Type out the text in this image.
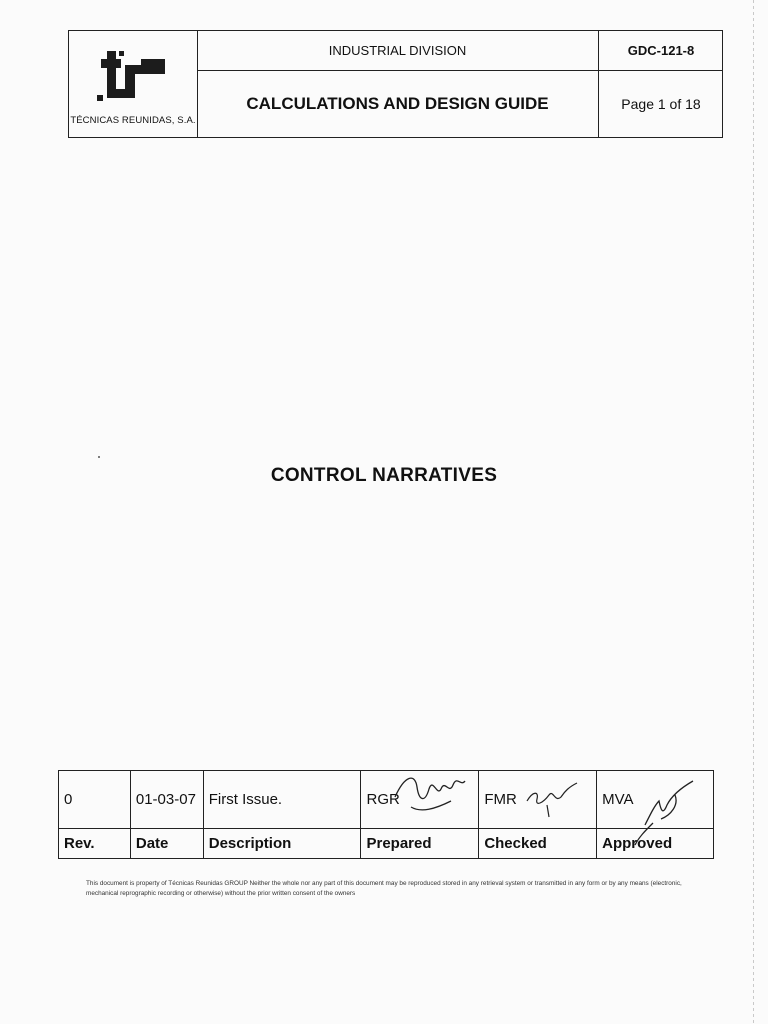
TÉCNICAS REUNIDAS, S.A.
INDUSTRIAL DIVISION	GDC-121-8
CALCULATIONS AND DESIGN GUIDE	Page 1 of 18
CONTROL NARRATIVES
0	01-03-07	First Issue.	RGR	FMR	MVA

Rev.	Date	Description	Prepared	Checked	Approved
This document is property of Técnicas Reunidas GROUP Neither the whole nor any part of this document may be reproduced stored in any retrieval system or transmitted in any form or by any means (electronic, mechanical reprographic recording or otherwise) without the prior written consent of the owners
